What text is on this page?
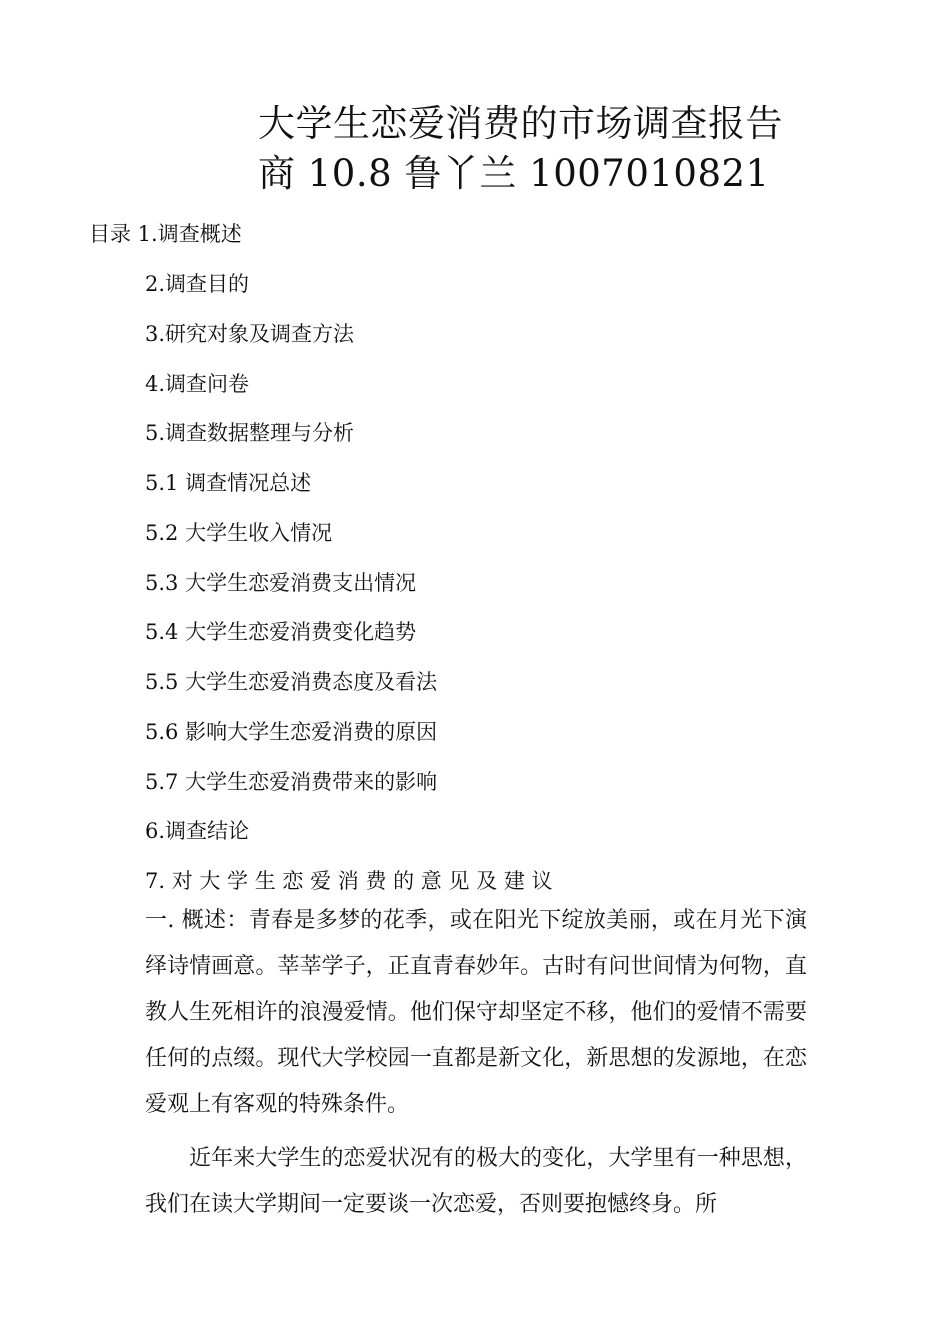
大学生恋爱消费的市场调查报告
商 10.8 鲁丫兰 1007010821
目录 1.调查概述
2.调查目的
3.研究对象及调查方法
4.调查问卷
5.调查数据整理与分析
5.1 调查情况总述
5.2 大学生收入情况
5.3 大学生恋爱消费支出情况
5.4 大学生恋爱消费变化趋势
5.5 大学生恋爱消费态度及看法
5.6 影响大学生恋爱消费的原因
5.7 大学生恋爱消费带来的影响
6.调查结论
7. 对 大 学 生 恋 爱 消 费 的 意 见 及 建 议

一. 概述：青春是多梦的花季，或在阳光下绽放美丽，或在月光下演绎诗情画意。莘莘学子，正直青春妙年。古时有问世间情为何物，直教人生死相许的浪漫爱情。他们保守却坚定不移，他们的爱情不需要任何的点缀。现代大学校园一直都是新文化，新思想的发源地，在恋爱观上有客观的特殊条件。

近年来大学生的恋爱状况有的极大的变化，大学里有一种思想，我们在读大学期间一定要谈一次恋爱，否则要抱憾终身。所
